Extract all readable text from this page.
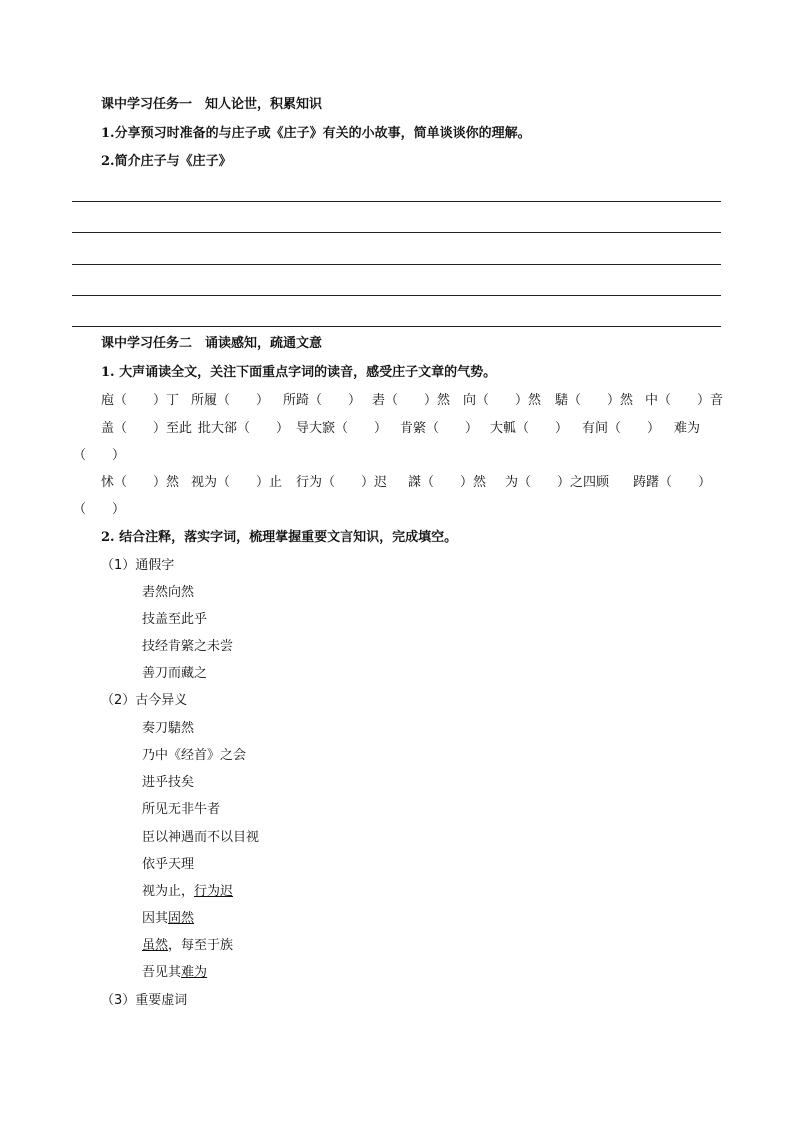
课中学习任务一　知人论世，积累知识
1.分享预习时准备的与庄子或《庄子》有关的小故事，简单谈谈你的理解。
2.简介庄子与《庄子》
课中学习任务二　诵读感知，疏通文意
1. 大声诵读全文，关注下面重点字词的读音，感受庄子文章的气势。
庖（　　）丁 所履（　　） 所踦（　　） 砉（　　）然 向（　　）然 騞（　　）然 中（　　）音
盖（　　）至此 批大郤（　　） 导大窾（　　） 肯綮（　　） 大軱（　　） 有间（　　） 难为
（　　）
怵（　　）然 视为（　　）止 行为（　　）迟 謋（　　）然 为（　　）之四顾 踌躇（　　）
（　　）
2. 结合注释，落实字词，梳理掌握重要文言知识，完成填空。
（1）通假字
砉然向然
技盖至此乎
技经肯綮之未尝
善刀而藏之
（2）古今异义
奏刀騞然
乃中《经首》之会
进乎技矣
所见无非牛者
臣以神遇而不以目视
依乎天理
视为止，行为迟
因其固然
虽然，每至于族
吾见其难为
（3）重要虚词
